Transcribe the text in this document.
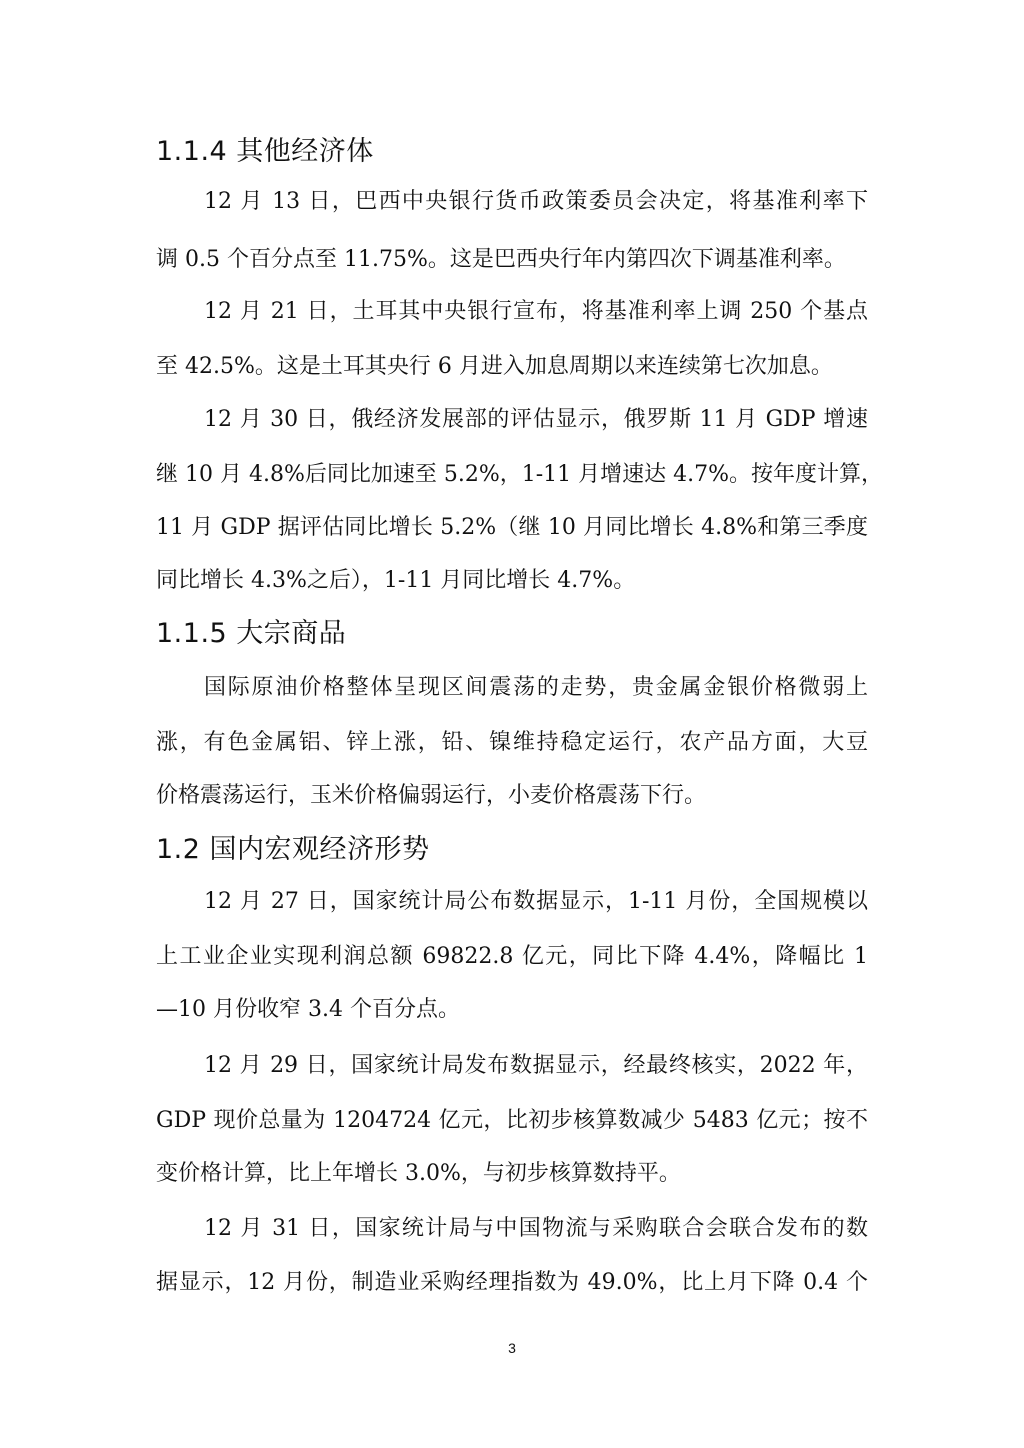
1.1.4 其他经济体
12 月 13 日，巴西中央银行货币政策委员会决定，将基准利率下
调 0.5 个百分点至 11.75%。这是巴西央行年内第四次下调基准利率。
12 月 21 日，土耳其中央银行宣布，将基准利率上调 250 个基点
至 42.5%。这是土耳其央行 6 月进入加息周期以来连续第七次加息。
12 月 30 日，俄经济发展部的评估显示，俄罗斯 11 月 GDP 增速
继 10 月 4.8%后同比加速至 5.2%，1-11 月增速达 4.7%。按年度计算，
11 月 GDP 据评估同比增长 5.2%（继 10 月同比增长 4.8%和第三季度
同比增长 4.3%之后），1-11 月同比增长 4.7%。
1.1.5 大宗商品
国际原油价格整体呈现区间震荡的走势，贵金属金银价格微弱上
涨，有色金属铝、锌上涨，铅、镍维持稳定运行，农产品方面，大豆
价格震荡运行，玉米价格偏弱运行，小麦价格震荡下行。
1.2 国内宏观经济形势
12 月 27 日，国家统计局公布数据显示，1-11 月份，全国规模以
上工业企业实现利润总额 69822.8 亿元，同比下降 4.4%，降幅比 1
—10 月份收窄 3.4 个百分点。
12 月 29 日，国家统计局发布数据显示，经最终核实，2022 年，
GDP 现价总量为 1204724 亿元，比初步核算数减少 5483 亿元；按不
变价格计算，比上年增长 3.0%，与初步核算数持平。
12 月 31 日，国家统计局与中国物流与采购联合会联合发布的数
据显示，12 月份，制造业采购经理指数为 49.0%，比上月下降 0.4 个
3
